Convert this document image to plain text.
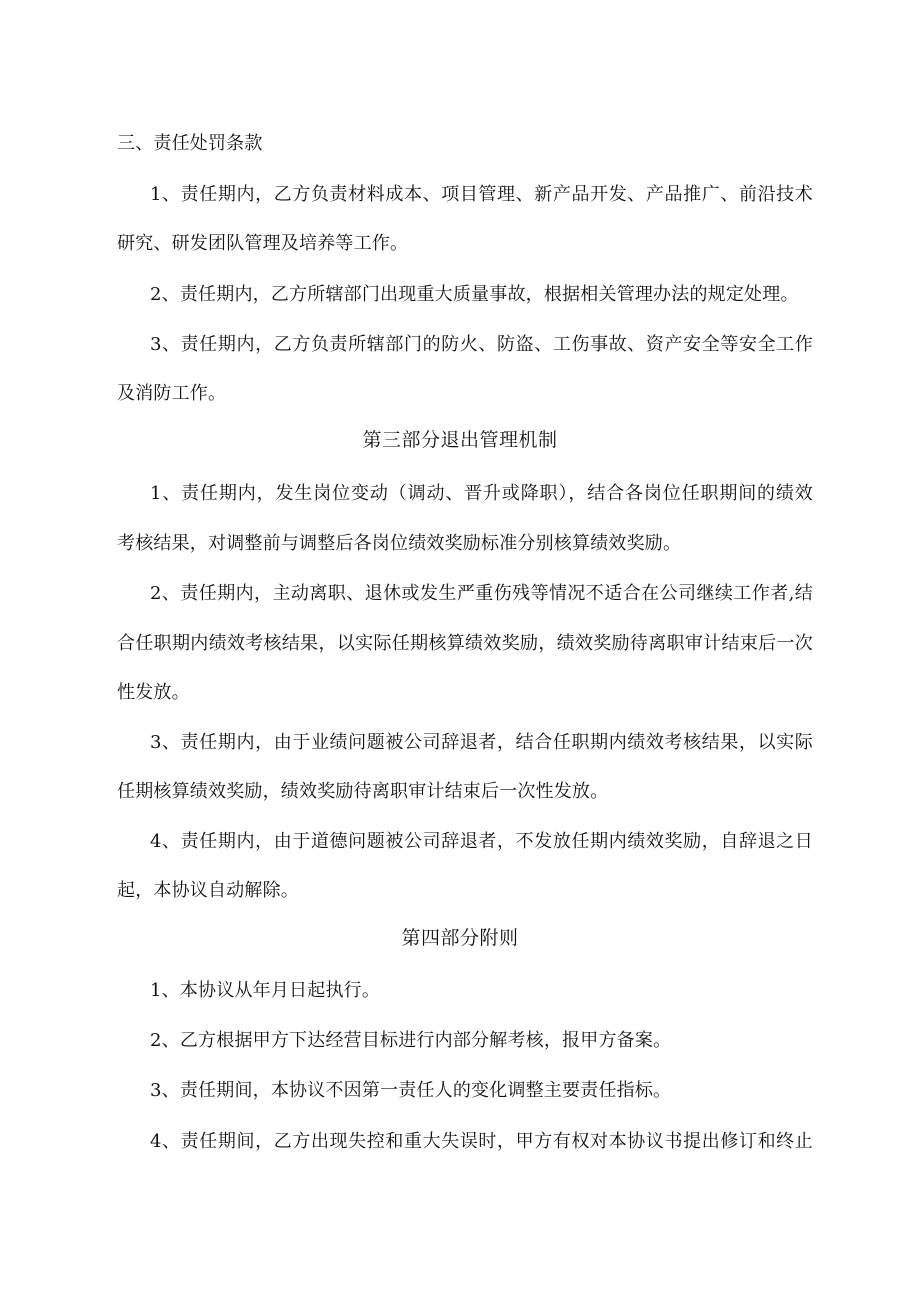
三、责任处罚条款
1、责任期内，乙方负责材料成本、项目管理、新产品开发、产品推广、前沿技术
研究、研发团队管理及培养等工作。
2、责任期内，乙方所辖部门出现重大质量事故，根据相关管理办法的规定处理。
3、责任期内，乙方负责所辖部门的防火、防盗、工伤事故、资产安全等安全工作
及消防工作。
第三部分退出管理机制
1、责任期内，发生岗位变动（调动、晋升或降职），结合各岗位任职期间的绩效
考核结果，对调整前与调整后各岗位绩效奖励标准分别核算绩效奖励。
2、责任期内，主动离职、退休或发生严重伤残等情况不适合在公司继续工作者,结
合任职期内绩效考核结果，以实际任期核算绩效奖励，绩效奖励待离职审计结束后一次
性发放。
3、责任期内，由于业绩问题被公司辞退者，结合任职期内绩效考核结果，以实际
任期核算绩效奖励，绩效奖励待离职审计结束后一次性发放。
4、责任期内，由于道德问题被公司辞退者，不发放任期内绩效奖励，自辞退之日
起，本协议自动解除。
第四部分附则
1、本协议从年月日起执行。
2、乙方根据甲方下达经营目标进行内部分解考核，报甲方备案。
3、责任期间，本协议不因第一责任人的变化调整主要责任指标。
4、责任期间，乙方出现失控和重大失误时，甲方有权对本协议书提出修订和终止
